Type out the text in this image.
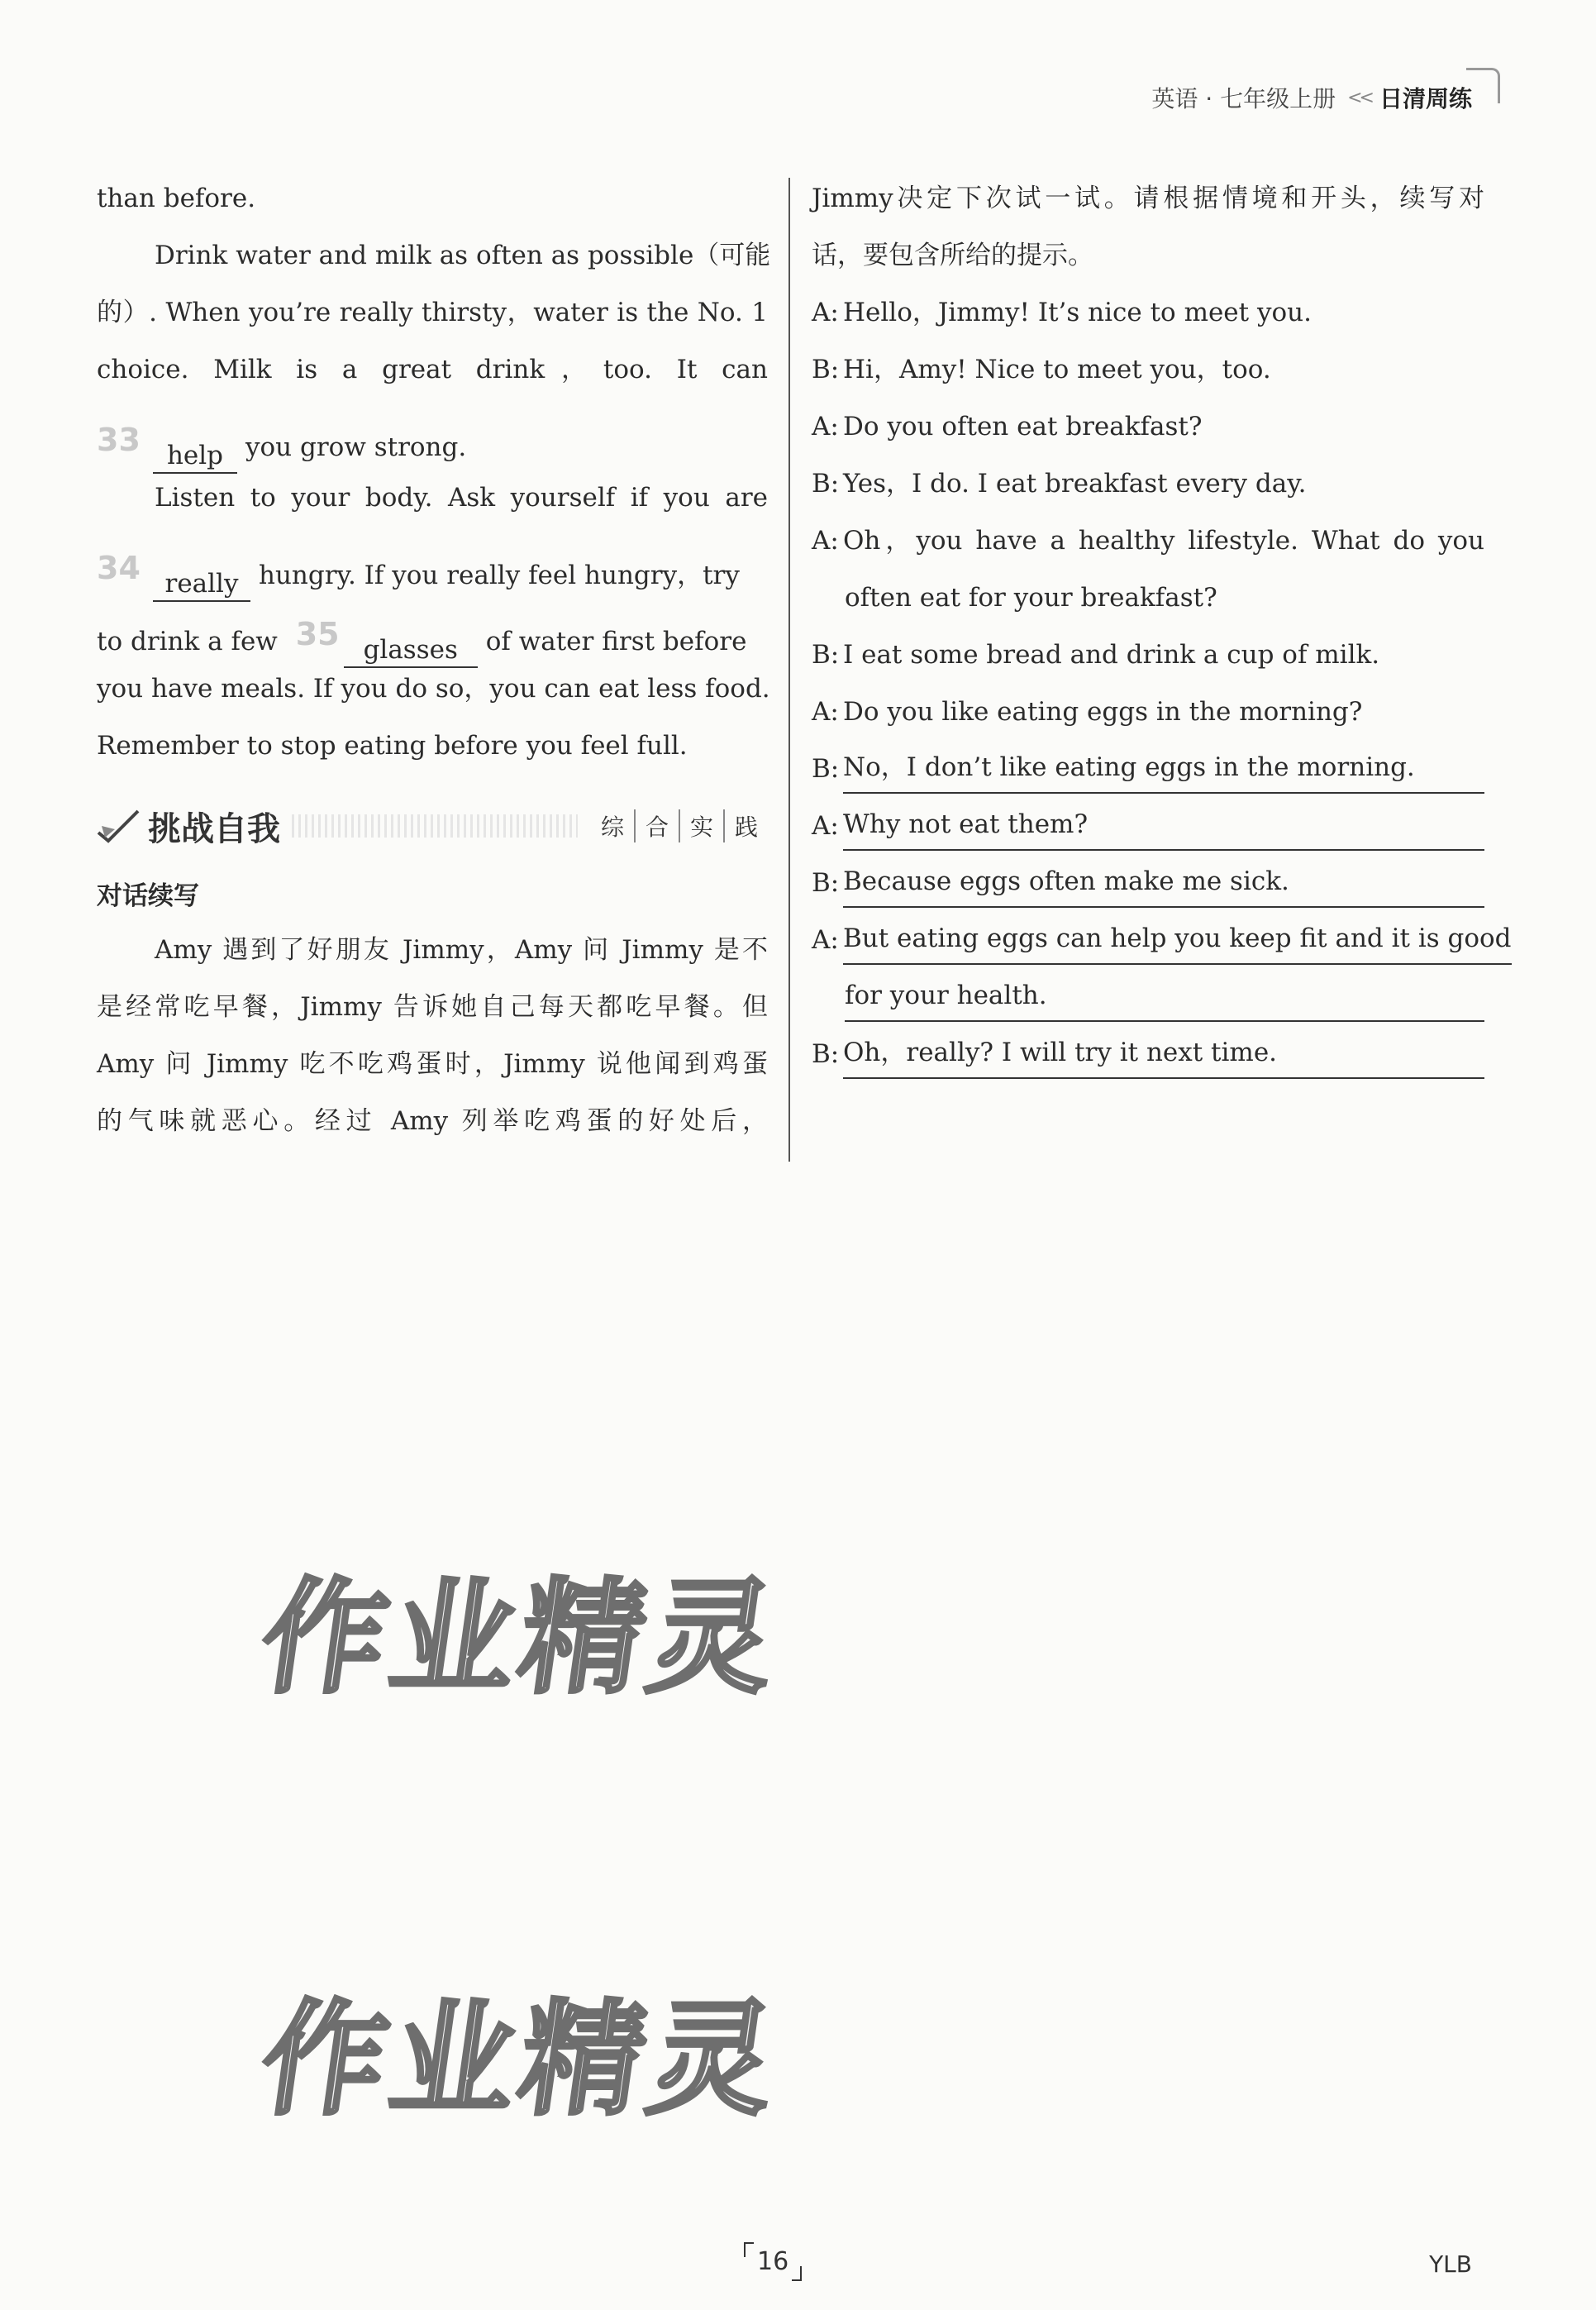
英语 · 七年级上册 << 日清周练
than before.
Drink water and milk as often as possible（可能
的）. When you’re really thirsty，water is the No. 1
choice. Milk is a great drink，too. It can
33 help you grow strong.
Listen to your body. Ask yourself if you are
34 really hungry. If you really feel hungry，try
to drink a few 35 glasses of water first before
you have meals. If you do so，you can eat less food.
Remember to stop eating before you feel full.
挑战自我	综 合 实 践
对话续写
Amy 遇到了好朋友 Jimmy，Amy 问 Jimmy 是不
是经常吃早餐，Jimmy 告诉她自己每天都吃早餐。但
Amy 问 Jimmy 吃不吃鸡蛋时，Jimmy 说他闻到鸡蛋
的气味就恶心。经过 Amy 列举吃鸡蛋的好处后，
Jimmy决定下次试一试。请根据情境和开头，续写对
话，要包含所给的提示。
A: Hello，Jimmy! It’s nice to meet you.
B: Hi，Amy! Nice to meet you，too.
A: Do you often eat breakfast?
B: Yes，I do. I eat breakfast every day.
A: Oh，you have a healthy lifestyle. What do you
often eat for your breakfast?
B: I eat some bread and drink a cup of milk.
A: Do you like eating eggs in the morning?
B: No，I don’t like eating eggs in the morning.
A: Why not eat them?
B: Because eggs often make me sick.
A: But eating eggs can help you keep fit and it is good
for your health.
B: Oh，really? I will try it next time.
作业精灵
作业精灵
16	YLB
